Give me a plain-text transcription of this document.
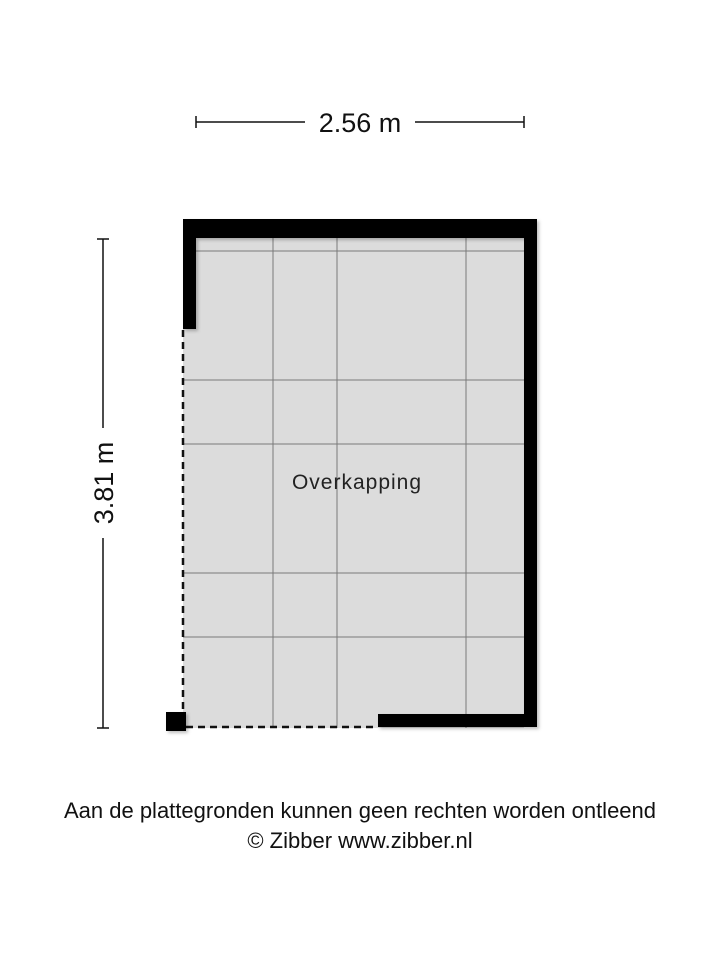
2.56 m
3.81 m	Overkapping
Aan de plattegronden kunnen geen rechten worden ontleend
© Zibber www.zibber.nl
